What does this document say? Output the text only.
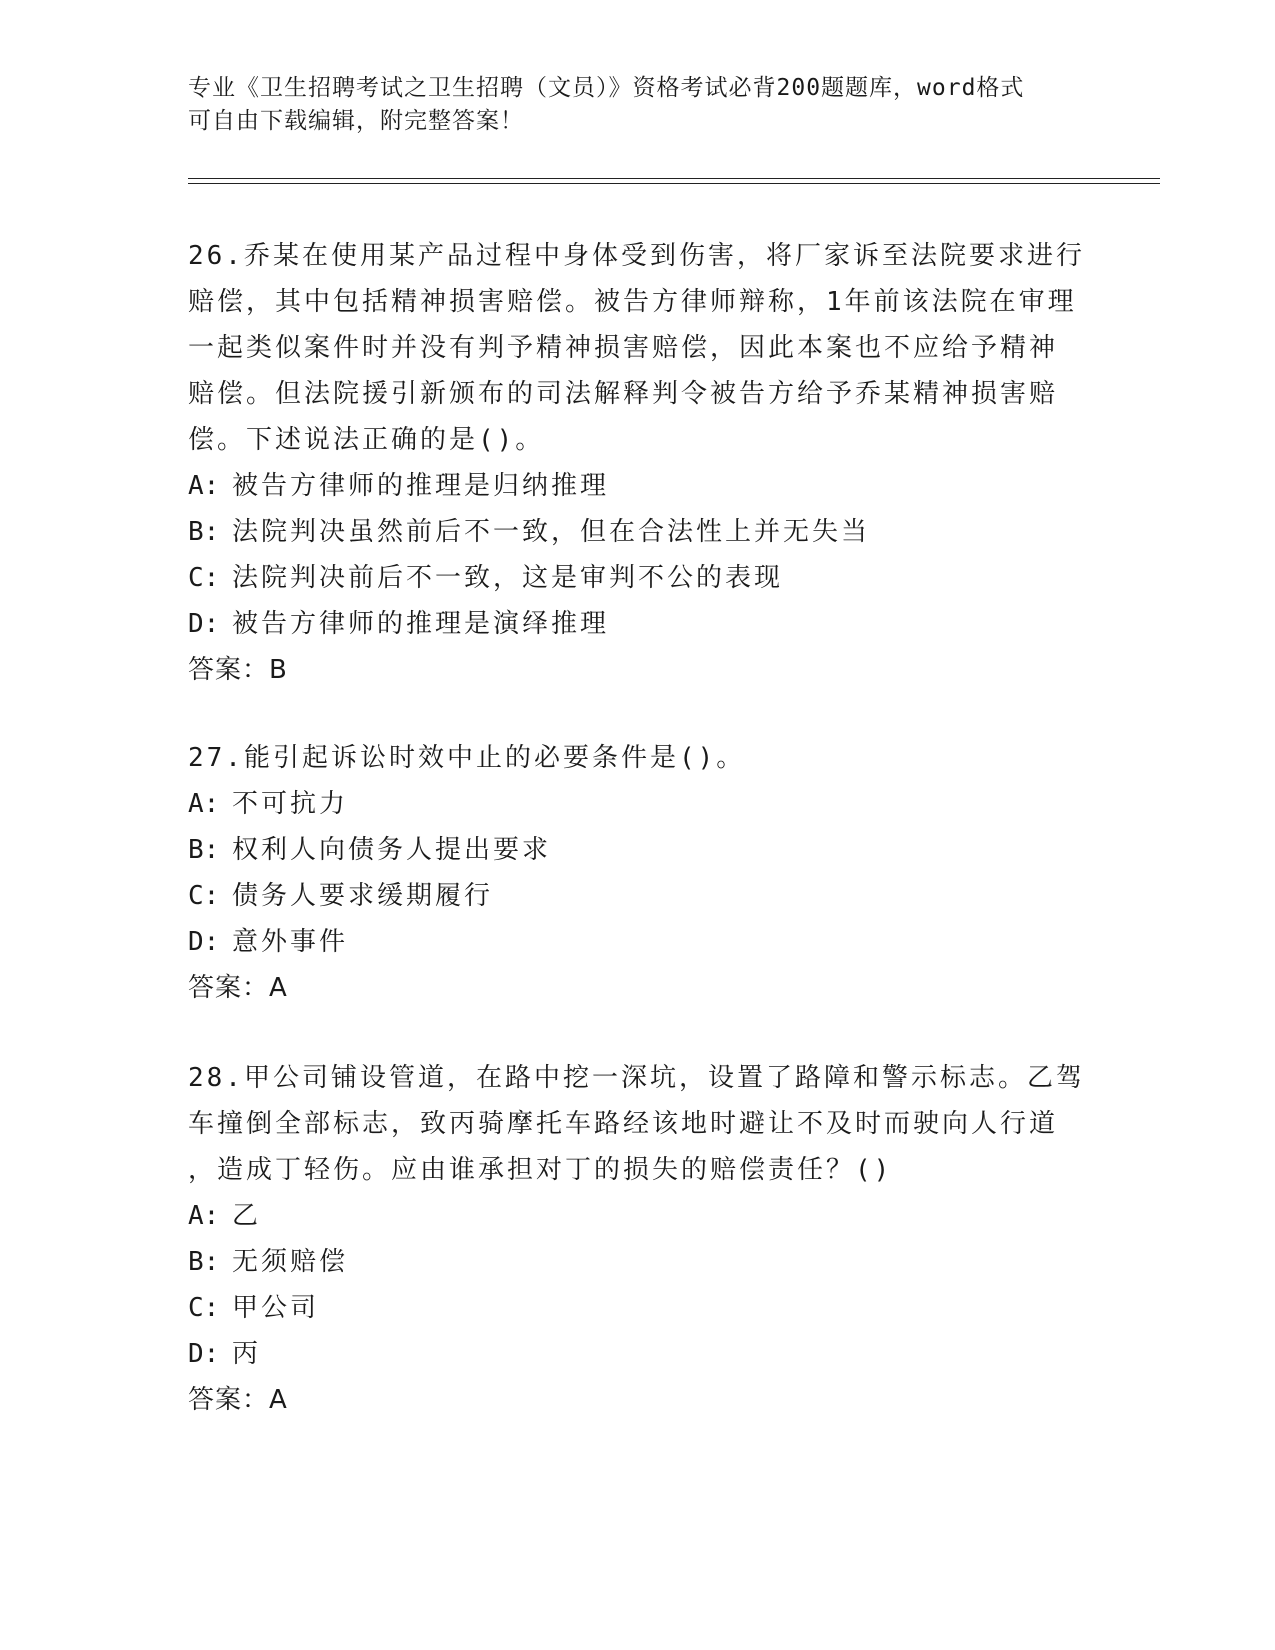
专业《卫生招聘考试之卫生招聘（文员）》资格考试必背200题题库，word格式
可自由下载编辑，附完整答案！

26.乔某在使用某产品过程中身体受到伤害，将厂家诉至法院要求进行

赔偿，其中包括精神损害赔偿。被告方律师辩称，1年前该法院在审理

一起类似案件时并没有判予精神损害赔偿，因此本案也不应给予精神

赔偿。但法院援引新颁布的司法解释判令被告方给予乔某精神损害赔

偿。下述说法正确的是()。

A: 被告方律师的推理是归纳推理

B: 法院判决虽然前后不一致，但在合法性上并无失当

C: 法院判决前后不一致，这是审判不公的表现

D: 被告方律师的推理是演绎推理

答案：B

27.能引起诉讼时效中止的必要条件是()。

A: 不可抗力

B: 权利人向债务人提出要求

C: 债务人要求缓期履行

D: 意外事件

答案：A

28.甲公司铺设管道，在路中挖一深坑，设置了路障和警示标志。乙驾

车撞倒全部标志，致丙骑摩托车路经该地时避让不及时而驶向人行道

，造成丁轻伤。应由谁承担对丁的损失的赔偿责任？()

A: 乙

B: 无须赔偿

C: 甲公司

D: 丙

答案：A
